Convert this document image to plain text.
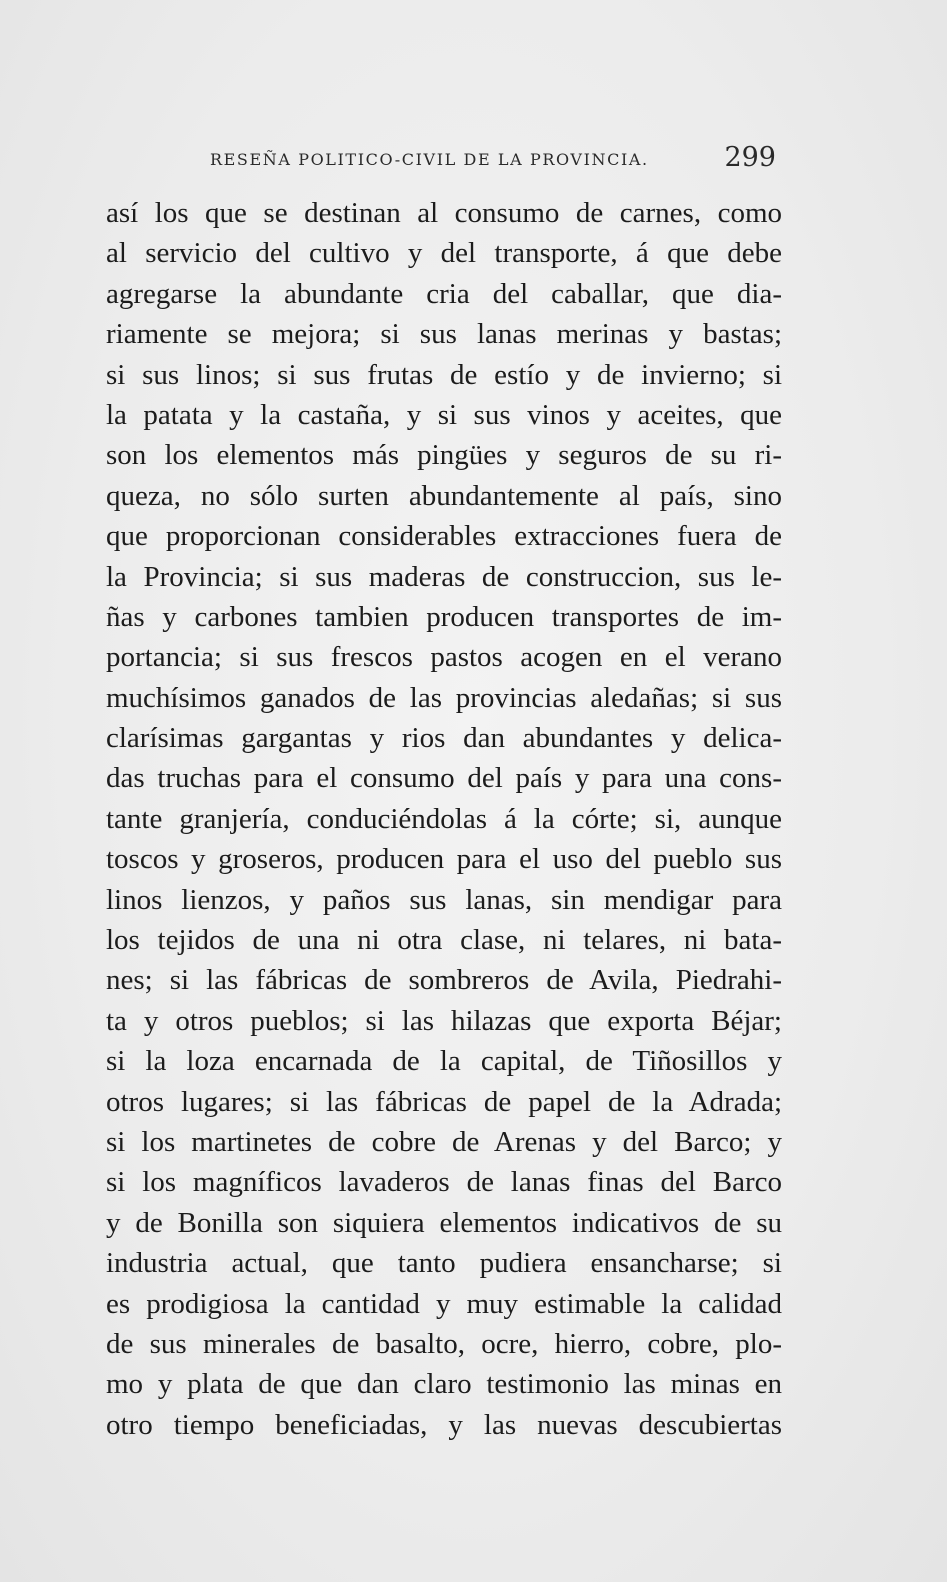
RESEÑA POLITICO-CIVIL DE LA PROVINCIA.	299
así los que se destinan al consumo de carnes, como
al servicio del cultivo y del transporte, á que debe
agregarse la abundante cria del caballar, que dia-
riamente se mejora; si sus lanas merinas y bastas;
si sus linos; si sus frutas de estío y de invierno; si
la patata y la castaña, y si sus vinos y aceites, que
son los elementos más pingües y seguros de su ri-
queza, no sólo surten abundantemente al país, sino
que proporcionan considerables extracciones fuera de
la Provincia; si sus maderas de construccion, sus le-
ñas y carbones tambien producen transportes de im-
portancia; si sus frescos pastos acogen en el verano
muchísimos ganados de las provincias aledañas; si sus
clarísimas gargantas y rios dan abundantes y delica-
das truchas para el consumo del país y para una cons-
tante granjería, conduciéndolas á la córte; si, aunque
toscos y groseros, producen para el uso del pueblo sus
linos lienzos, y paños sus lanas, sin mendigar para
los tejidos de una ni otra clase, ni telares, ni bata-
nes; si las fábricas de sombreros de Avila, Piedrahi-
ta y otros pueblos; si las hilazas que exporta Béjar;
si la loza encarnada de la capital, de Tiñosillos y
otros lugares; si las fábricas de papel de la Adrada;
si los martinetes de cobre de Arenas y del Barco; y
si los magníficos lavaderos de lanas finas del Barco
y de Bonilla son siquiera elementos indicativos de su
industria actual, que tanto pudiera ensancharse; si
es prodigiosa la cantidad y muy estimable la calidad
de sus minerales de basalto, ocre, hierro, cobre, plo-
mo y plata de que dan claro testimonio las minas en
otro tiempo beneficiadas, y las nuevas descubiertas
